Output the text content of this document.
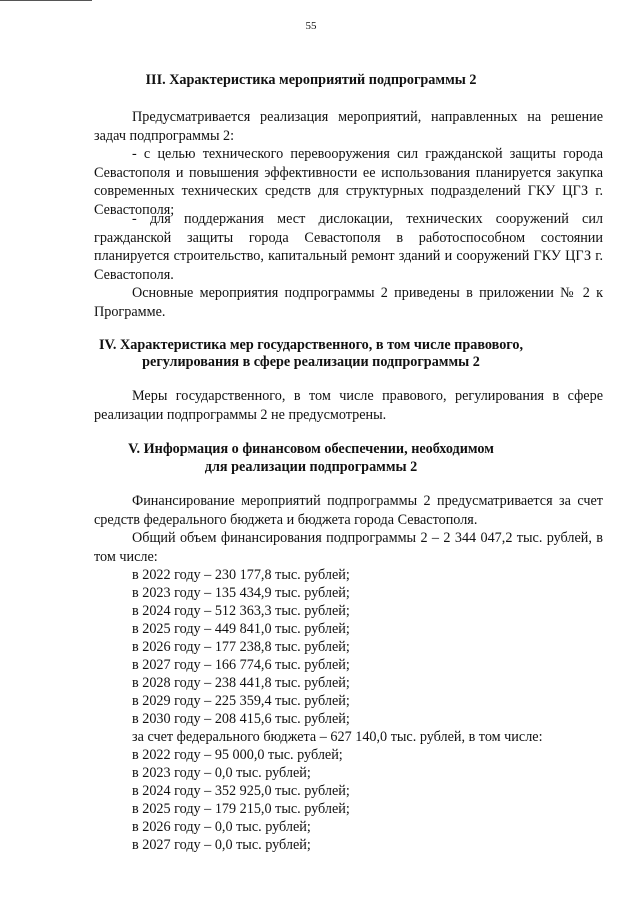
55
III. Характеристика мероприятий подпрограммы 2

Предусматривается реализация мероприятий, направленных на решение задач подпрограммы 2:

- с целью технического перевооружения сил гражданской защиты города Севастополя и повышения эффективности ее использования планируется закупка современных технических средств для структурных подразделений ГКУ ЦГЗ г. Севастополя;

- для поддержания мест дислокации, технических сооружений сил гражданской защиты города Севастополя в работоспособном состоянии планируется строительство, капитальный ремонт зданий и сооружений ГКУ ЦГЗ г. Севастополя.

Основные мероприятия подпрограммы 2 приведены в приложении № 2 к Программе.

IV. Характеристика мер государственного, в том числе правового,
регулирования в сфере реализации подпрограммы 2

Меры государственного, в том числе правового, регулирования в сфере реализации подпрограммы 2 не предусмотрены.

V. Информация о финансовом обеспечении, необходимом
для реализации подпрограммы 2

Финансирование мероприятий подпрограммы 2 предусматривается за счет средств федерального бюджета и бюджета города Севастополя.

Общий объем финансирования подпрограммы 2 – 2 344 047,2 тыс. рублей, в том числе:

в 2022 году – 230 177,8 тыс. рублей;
в 2023 году – 135 434,9 тыс. рублей;
в 2024 году – 512 363,3 тыс. рублей;
в 2025 году – 449 841,0 тыс. рублей;
в 2026 году – 177 238,8 тыс. рублей;
в 2027 году – 166 774,6 тыс. рублей;
в 2028 году – 238 441,8 тыс. рублей;
в 2029 году – 225 359,4 тыс. рублей;
в 2030 году – 208 415,6 тыс. рублей;
за счет федерального бюджета – 627 140,0 тыс. рублей, в том числе:
в 2022 году – 95 000,0 тыс. рублей;
в 2023 году – 0,0 тыс. рублей;
в 2024 году – 352 925,0 тыс. рублей;
в 2025 году – 179 215,0 тыс. рублей;
в 2026 году – 0,0 тыс. рублей;
в 2027 году – 0,0 тыс. рублей;
